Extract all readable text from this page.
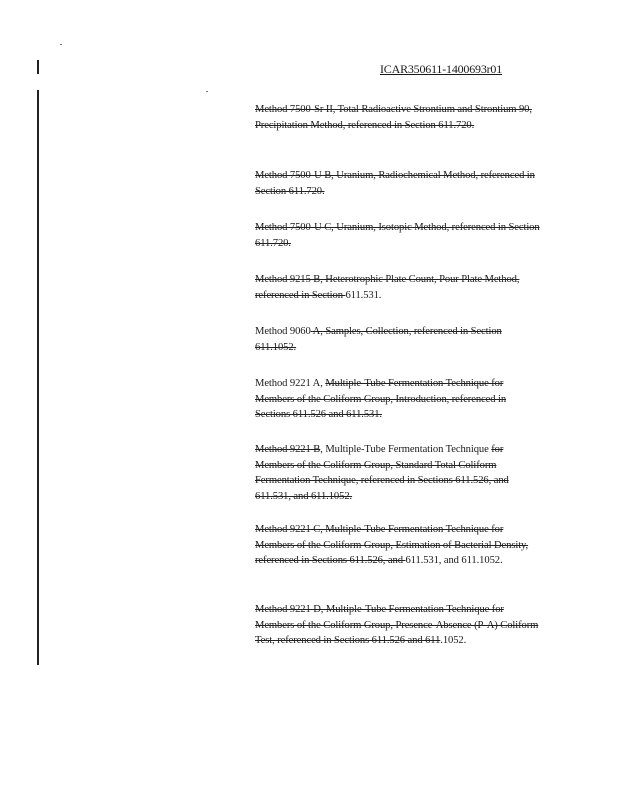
ICAR350611-1400693r01

Method 7500-Sr II, Total Radioactive Strontium and Strontium 90, Precipitation Method, referenced in Section 611.720.

Method 7500-U B, Uranium, Radiochemical Method, referenced in Section 611.720.

Method 7500-U C, Uranium, Isotopic Method, referenced in Section 611.720.

Method 9215 B, Heterotrophic Plate Count, Pour Plate Method, referenced in Section 611.531.

Method 9060 A, Samples, Collection, referenced in Section 611.1052.

Method 9221 A, Multiple-Tube Fermentation Technique for Members of the Coliform Group, Introduction, referenced in Sections 611.526 and 611.531.

Method 9221 B, Multiple-Tube Fermentation Technique for Members of the Coliform Group, Standard Total Coliform Fermentation Technique, referenced in Sections 611.526, and 611.531, and 611.1052.

Method 9221 C, Multiple-Tube Fermentation Technique for Members of the Coliform Group, Estimation of Bacterial Density, referenced in Sections 611.526, and 611.531, and 611.1052.

Method 9221 D, Multiple-Tube Fermentation Technique for Members of the Coliform Group, Presence-Absence (P-A) Coliform Test, referenced in Sections 611.526 and 611.1052.
